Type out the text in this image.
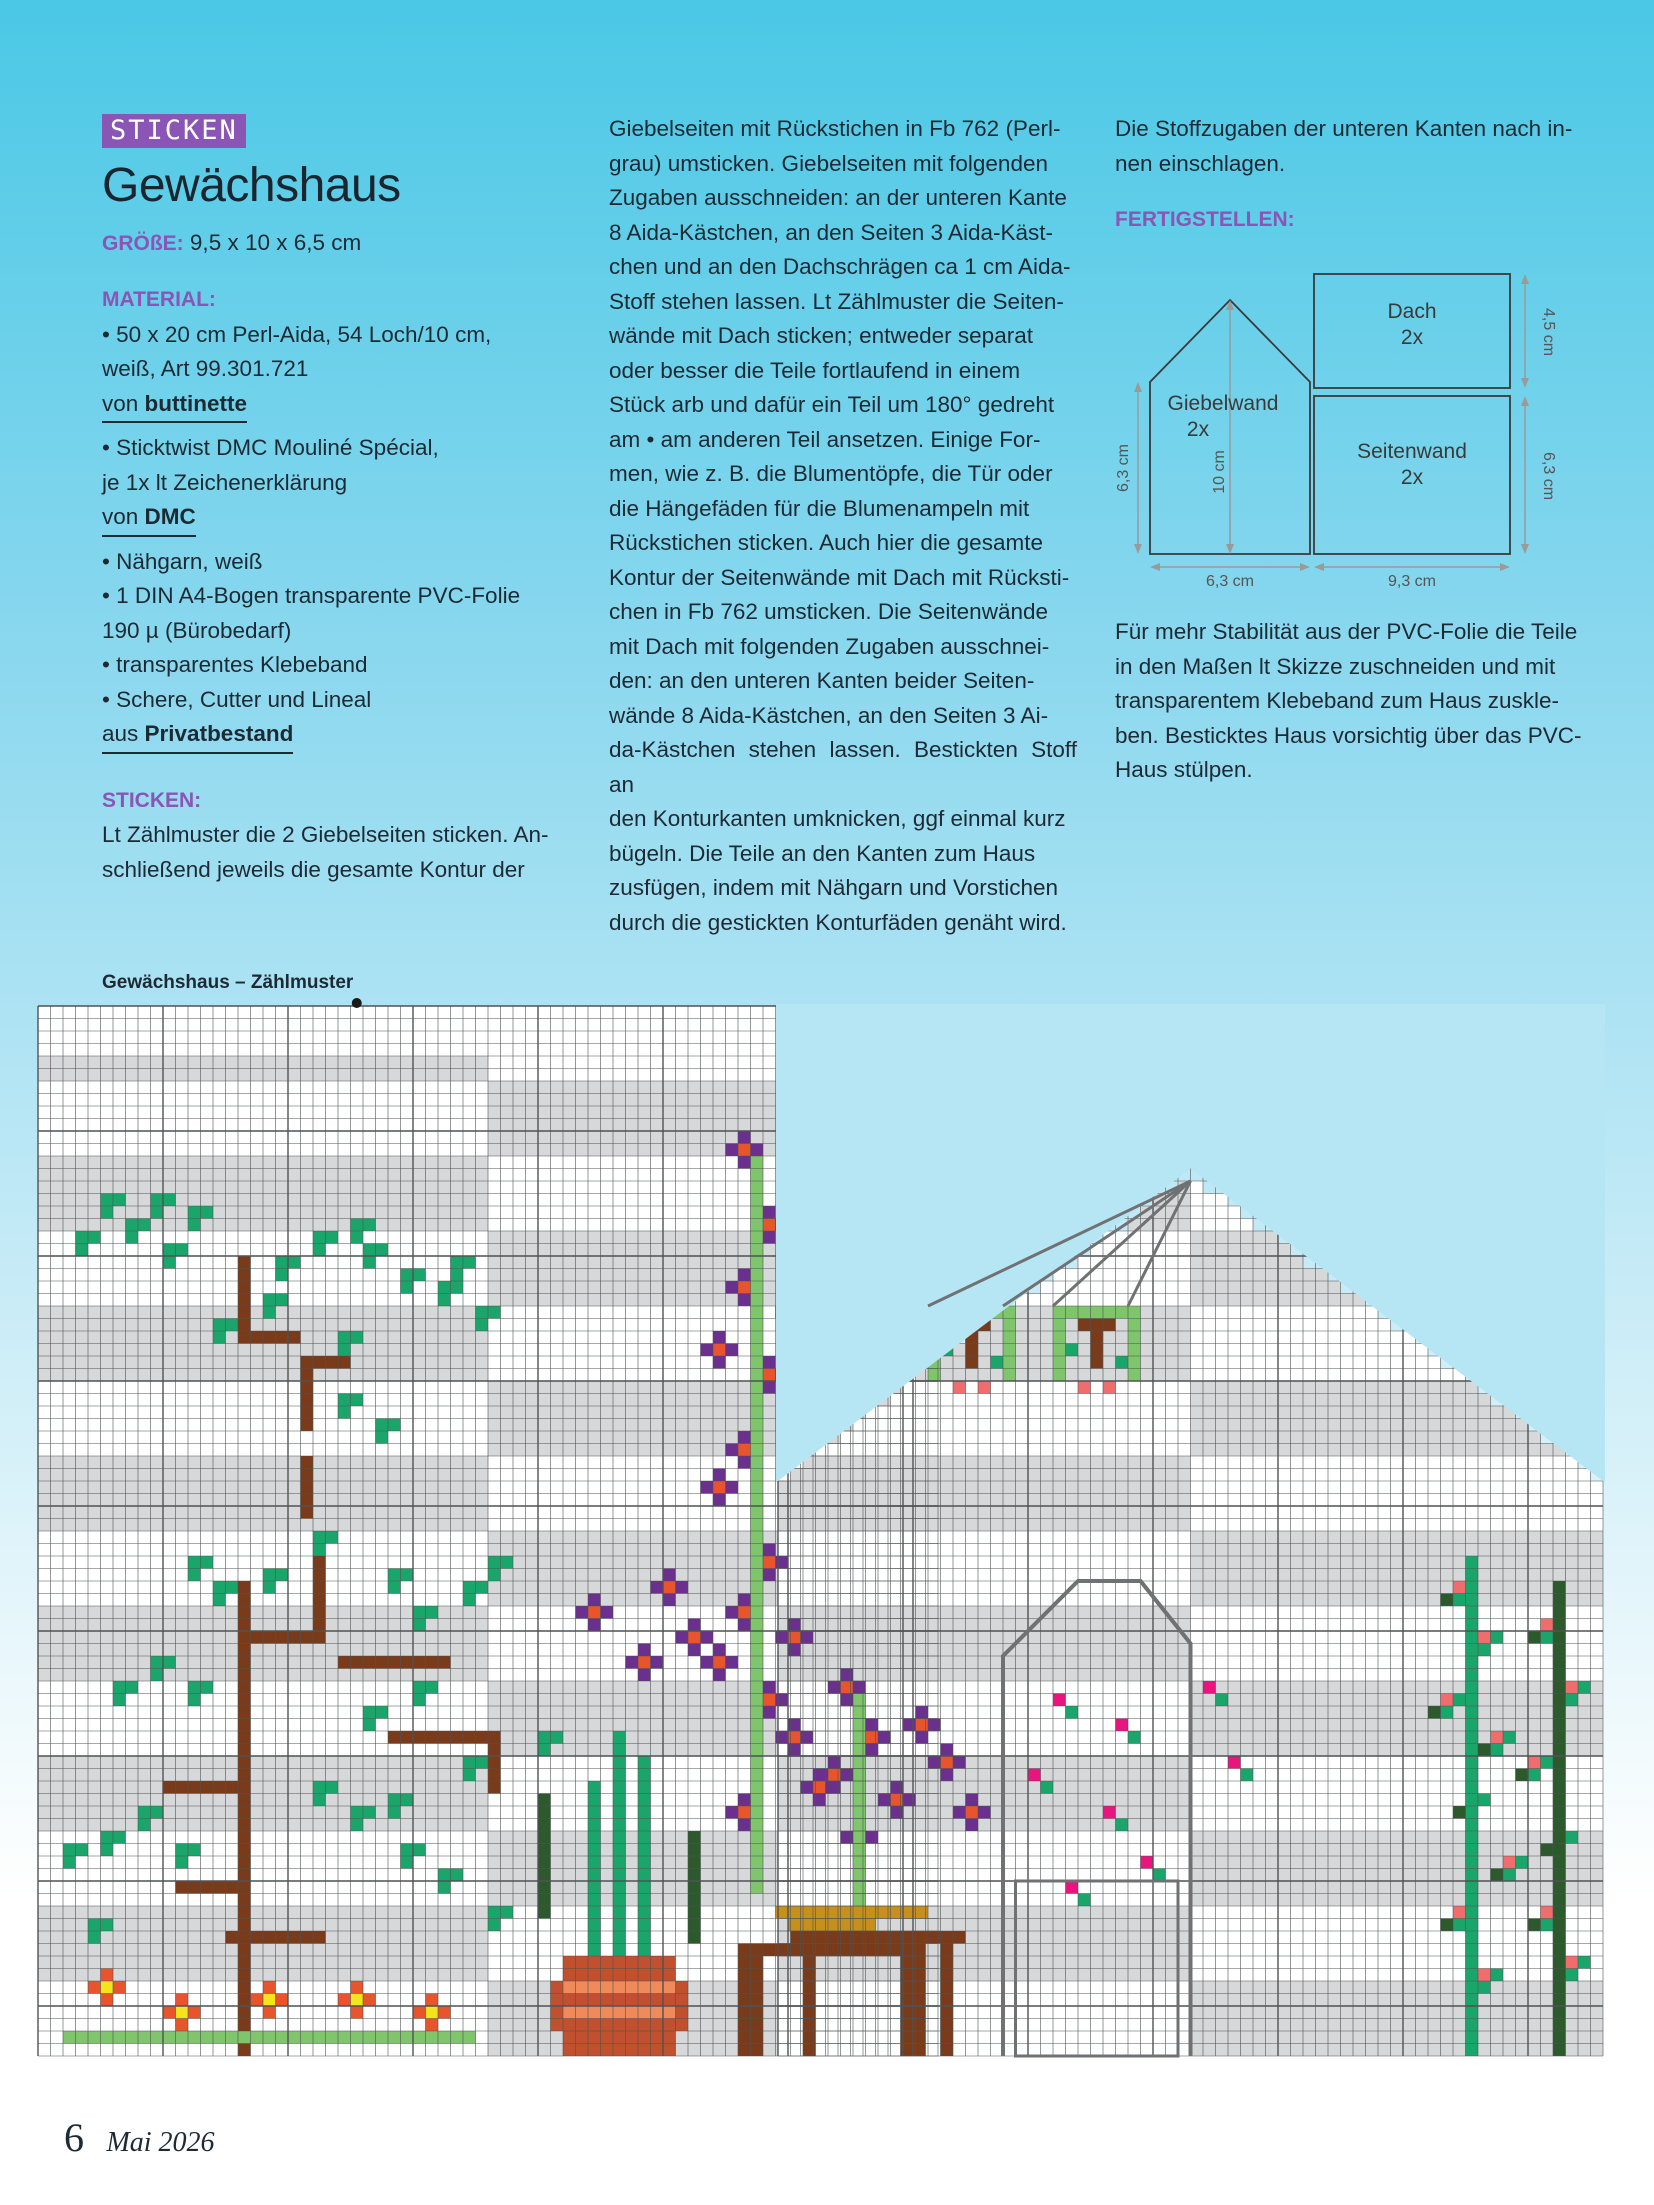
STICKEN
Gewächshaus
GRÖßE: 9,5 x 10 x 6,5 cm
MATERIAL:
• 50 x 20 cm Perl-Aida, 54 Loch/10 cm,
weiß, Art 99.301.721
von buttinette
• Sticktwist DMC Mouliné Spécial,
je 1x lt Zeichenerklärung
von DMC
• Nähgarn, weiß
• 1 DIN A4-Bogen transparente PVC-Folie
190 µ (Bürobedarf)
• transparentes Klebeband
• Schere, Cutter und Lineal
aus Privatbestand
STICKEN:
Lt Zählmuster die 2 Giebelseiten sticken. An-
schließend jeweils die gesamte Kontur der
Giebelseiten mit Rückstichen in Fb 762 (Perl-
grau) umsticken. Giebelseiten mit folgenden
Zugaben ausschneiden: an der unteren Kante
8 Aida-Kästchen, an den Seiten 3 Aida-Käst-
chen und an den Dachschrägen ca 1 cm Aida-
Stoff stehen lassen. Lt Zählmuster die Seiten-
wände mit Dach sticken; entweder separat
oder besser die Teile fortlaufend in einem
Stück arb und dafür ein Teil um 180° gedreht
am • am anderen Teil ansetzen. Einige For-
men, wie z. B. die Blumentöpfe, die Tür oder
die Hängefäden für die Blumenampeln mit
Rückstichen sticken. Auch hier die gesamte
Kontur der Seitenwände mit Dach mit Rücksti-
chen in Fb 762 umsticken. Die Seitenwände
mit Dach mit folgenden Zugaben ausschnei-
den: an den unteren Kanten beider Seiten-
wände 8 Aida-Kästchen, an den Seiten 3 Ai-
da-Kästchen stehen lassen. Bestickten Stoff an
den Konturkanten umknicken, ggf einmal kurz
bügeln. Die Teile an den Kanten zum Haus
zusfügen, indem mit Nähgarn und Vorstichen
durch die gestickten Konturfäden genäht wird.
Die Stoffzugaben der unteren Kanten nach in-
nen einschlagen.
FERTIGSTELLEN:
Dach
2x
Seitenwand
2x
Giebelwand
2x
6,3 cm	9,3 cm
6,3 cm	10 cm
4,5 cm
6,3 cm
Für mehr Stabilität aus der PVC-Folie die Teile
in den Maßen lt Skizze zuschneiden und mit
transparentem Klebeband zum Haus zuskle-
ben. Besticktes Haus vorsichtig über das PVC-
Haus stülpen.
Gewächshaus – Zählmuster
6 Mai 2026
